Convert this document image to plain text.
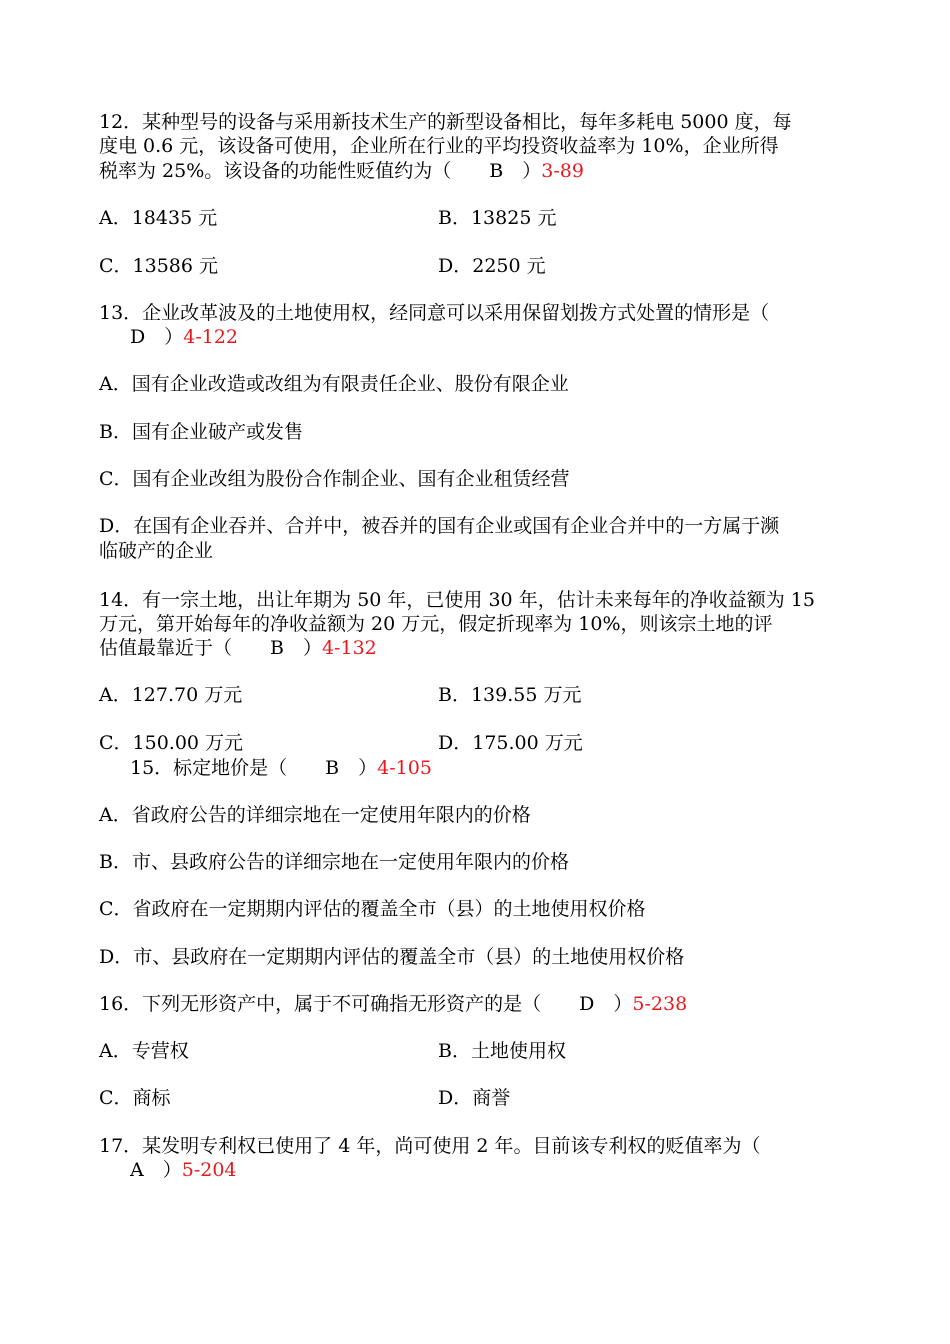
12．某种型号的设备与采用新技术生产的新型设备相比，每年多耗电 5000 度，每
度电 0.6 元，该设备可使用，企业所在行业的平均投资收益率为 10%，企业所得
税率为 25%。该设备的功能性贬值约为（　　B　）3-89
A．18435 元	B．13825 元
C．13586 元	D．2250 元
13．企业改革波及的土地使用权，经同意可以采用保留划拨方式处置的情形是（
D　）4-122
A．国有企业改造或改组为有限责任企业、股份有限企业
B．国有企业破产或发售
C．国有企业改组为股份合作制企业、国有企业租赁经营
D．在国有企业吞并、合并中，被吞并的国有企业或国有企业合并中的一方属于濒
临破产的企业
14．有一宗土地，出让年期为 50 年，已使用 30 年，估计未来每年的净收益额为 15
万元，第开始每年的净收益额为 20 万元，假定折现率为 10%，则该宗土地的评
估值最靠近于（　　B　）4-132
A．127.70 万元	B．139.55 万元
C．150.00 万元	D．175.00 万元
15．标定地价是（　　B　）4-105
A．省政府公告的详细宗地在一定使用年限内的价格
B．市、县政府公告的详细宗地在一定使用年限内的价格
C．省政府在一定期期内评估的覆盖全市（县）的土地使用权价格
D．市、县政府在一定期期内评估的覆盖全市（县）的土地使用权价格
16．下列无形资产中，属于不可确指无形资产的是（　　D　）5-238
A．专营权	B．土地使用权
C．商标	D．商誉
17．某发明专利权已使用了 4 年，尚可使用 2 年。目前该专利权的贬值率为（
A　）5-204
